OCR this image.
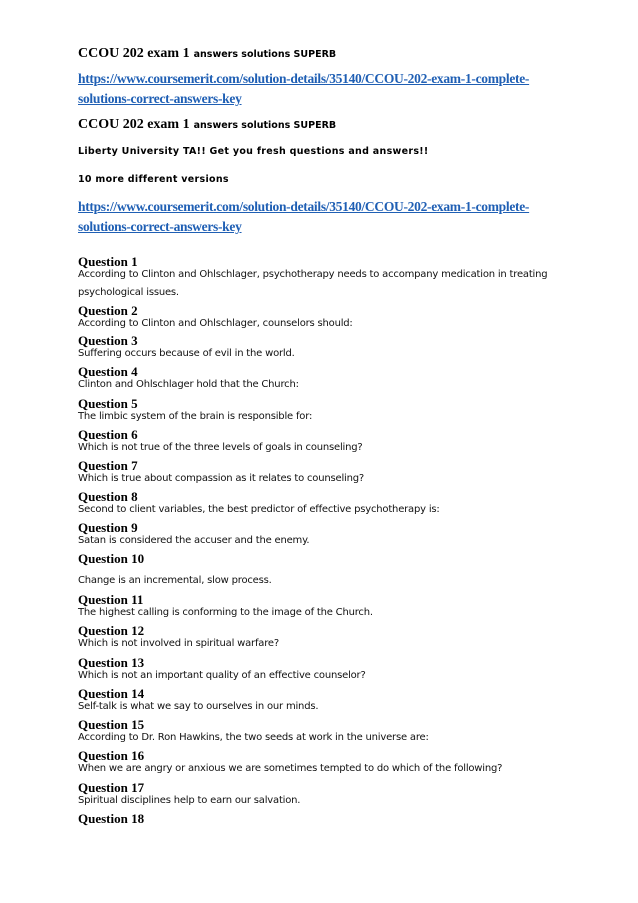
CCOU 202 exam 1 answers solutions SUPERB
https://www.coursemerit.com/solution-details/35140/CCOU-202-exam-1-complete-
solutions-correct-answers-key
CCOU 202 exam 1 answers solutions SUPERB
Liberty University TA!! Get you fresh questions and answers!!
10 more different versions
https://www.coursemerit.com/solution-details/35140/CCOU-202-exam-1-complete-
solutions-correct-answers-key
Question 1
According to Clinton and Ohlschlager, psychotherapy needs to accompany medication in treating
psychological issues.
Question 2
According to Clinton and Ohlschlager, counselors should:
Question 3
Suffering occurs because of evil in the world.
Question 4
Clinton and Ohlschlager hold that the Church:
Question 5
The limbic system of the brain is responsible for:
Question 6
Which is not true of the three levels of goals in counseling?
Question 7
Which is true about compassion as it relates to counseling?
Question 8
Second to client variables, the best predictor of effective psychotherapy is:
Question 9
Satan is considered the accuser and the enemy.
Question 10
Change is an incremental, slow process.
Question 11
The highest calling is conforming to the image of the Church.
Question 12
Which is not involved in spiritual warfare?
Question 13
Which is not an important quality of an effective counselor?
Question 14
Self-talk is what we say to ourselves in our minds.
Question 15
According to Dr. Ron Hawkins, the two seeds at work in the universe are:
Question 16
When we are angry or anxious we are sometimes tempted to do which of the following?
Question 17
Spiritual disciplines help to earn our salvation.
Question 18
